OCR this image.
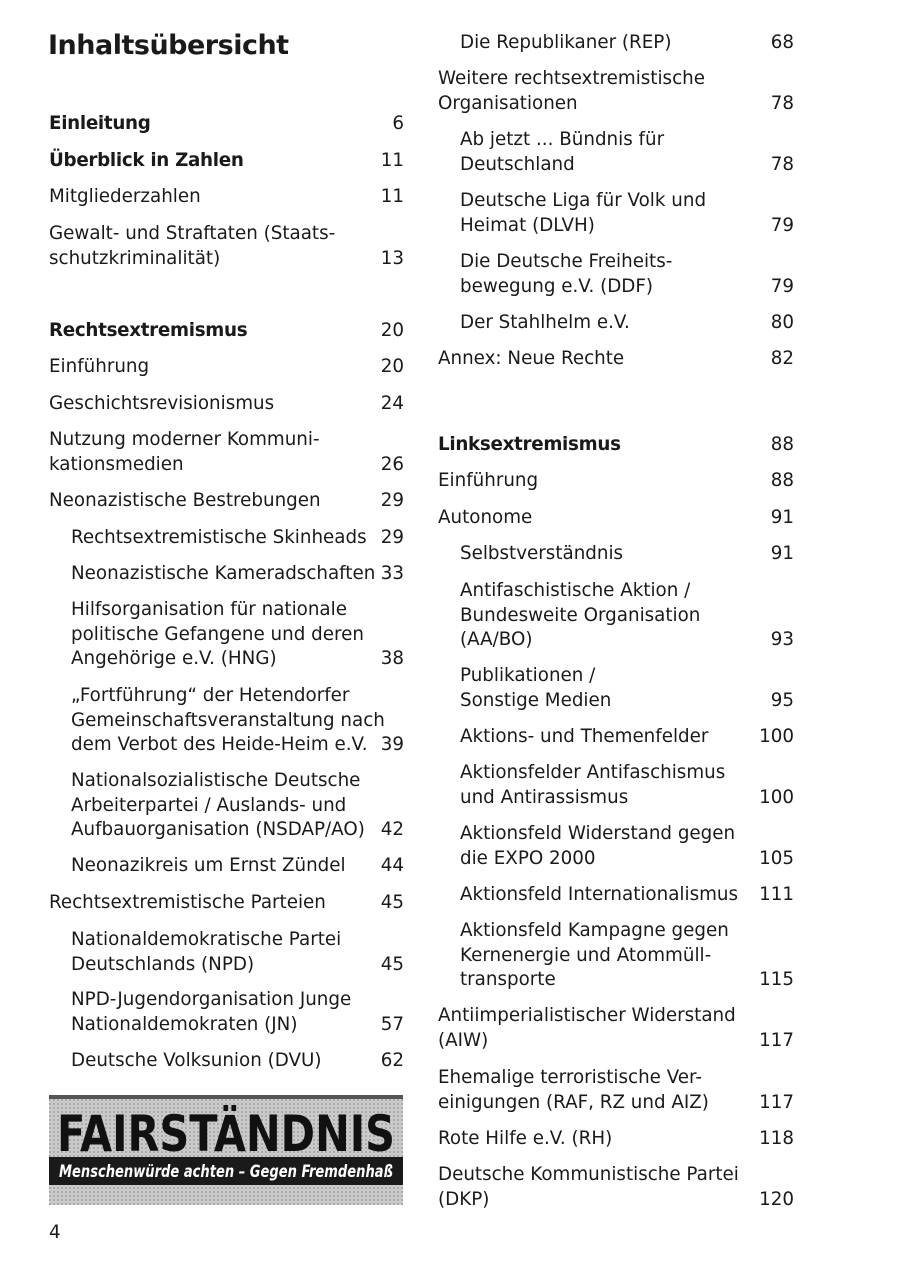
Inhaltsübersicht
Einleitung	6
Überblick in Zahlen	11
Mitgliederzahlen	11
Gewalt- und Straftaten (Staats-
schutzkriminalität)	13
Rechtsextremismus	20
Einführung	20
Geschichtsrevisionismus	24
Nutzung moderner Kommuni-
kationsmedien	26
Neonazistische Bestrebungen	29
Rechtsextremistische Skinheads 29
Neonazistische Kameradschaften 33
Hilfsorganisation für nationale
politische Gefangene und deren
Angehörige e.V. (HNG)	38
„Fortführung“ der Hetendorfer
Gemeinschaftsveranstaltung nach
dem Verbot des Heide-Heim e.V. 39
Nationalsozialistische Deutsche
Arbeiterpartei / Auslands- und
Aufbauorganisation (NSDAP/AO) 42
Neonazikreis um Ernst Zündel	44
Rechtsextremistische Parteien	45
Nationaldemokratische Partei
Deutschlands (NPD)	45
NPD-Jugendorganisation Junge
Nationaldemokraten (JN)	57
Deutsche Volksunion (DVU)	62
Die Republikaner (REP)	68
Weitere rechtsextremistische
Organisationen	78
Ab jetzt ... Bündnis für
Deutschland	78
Deutsche Liga für Volk und
Heimat (DLVH)	79
Die Deutsche Freiheits-
bewegung e.V. (DDF)	79
Der Stahlhelm e.V.	80
Annex: Neue Rechte	82
Linksextremismus	88
Einführung	88
Autonome	91
Selbstverständnis	91
Antifaschistische Aktion /
Bundesweite Organisation
(AA/BO)	93
Publikationen /
Sonstige Medien	95
Aktions- und Themenfelder	100
Aktionsfelder Antifaschismus
und Antirassismus	100
Aktionsfeld Widerstand gegen
die EXPO 2000	105
Aktionsfeld Internationalismus	111
Aktionsfeld Kampagne gegen
Kernenergie und Atommüll-
transporte	115
Antiimperialistischer Widerstand
(AIW)	117
Ehemalige terroristische Ver-
einigungen (RAF, RZ und AIZ)	117
Rote Hilfe e.V. (RH)	118
Deutsche Kommunistische Partei
(DKP)	120
FAIRSTÄNDNIS
Menschenwürde achten – Gegen Fremdenhaß
4
